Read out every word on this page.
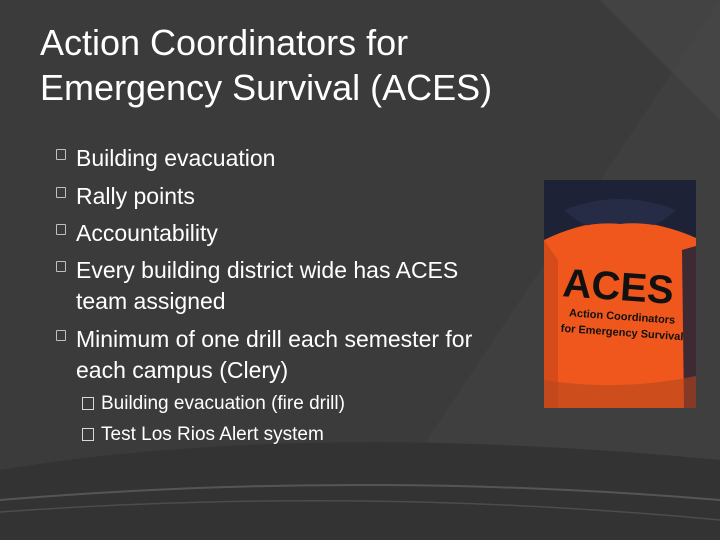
Action Coordinators for
Emergency Survival (ACES)
Building evacuation
Rally points
Accountability
Every building district wide has ACES
team assigned
Minimum of one drill each semester for
each campus (Clery)
Building evacuation (fire drill)
Test Los Rios Alert system
ACES
Action Coordinators
for Emergency Survival
